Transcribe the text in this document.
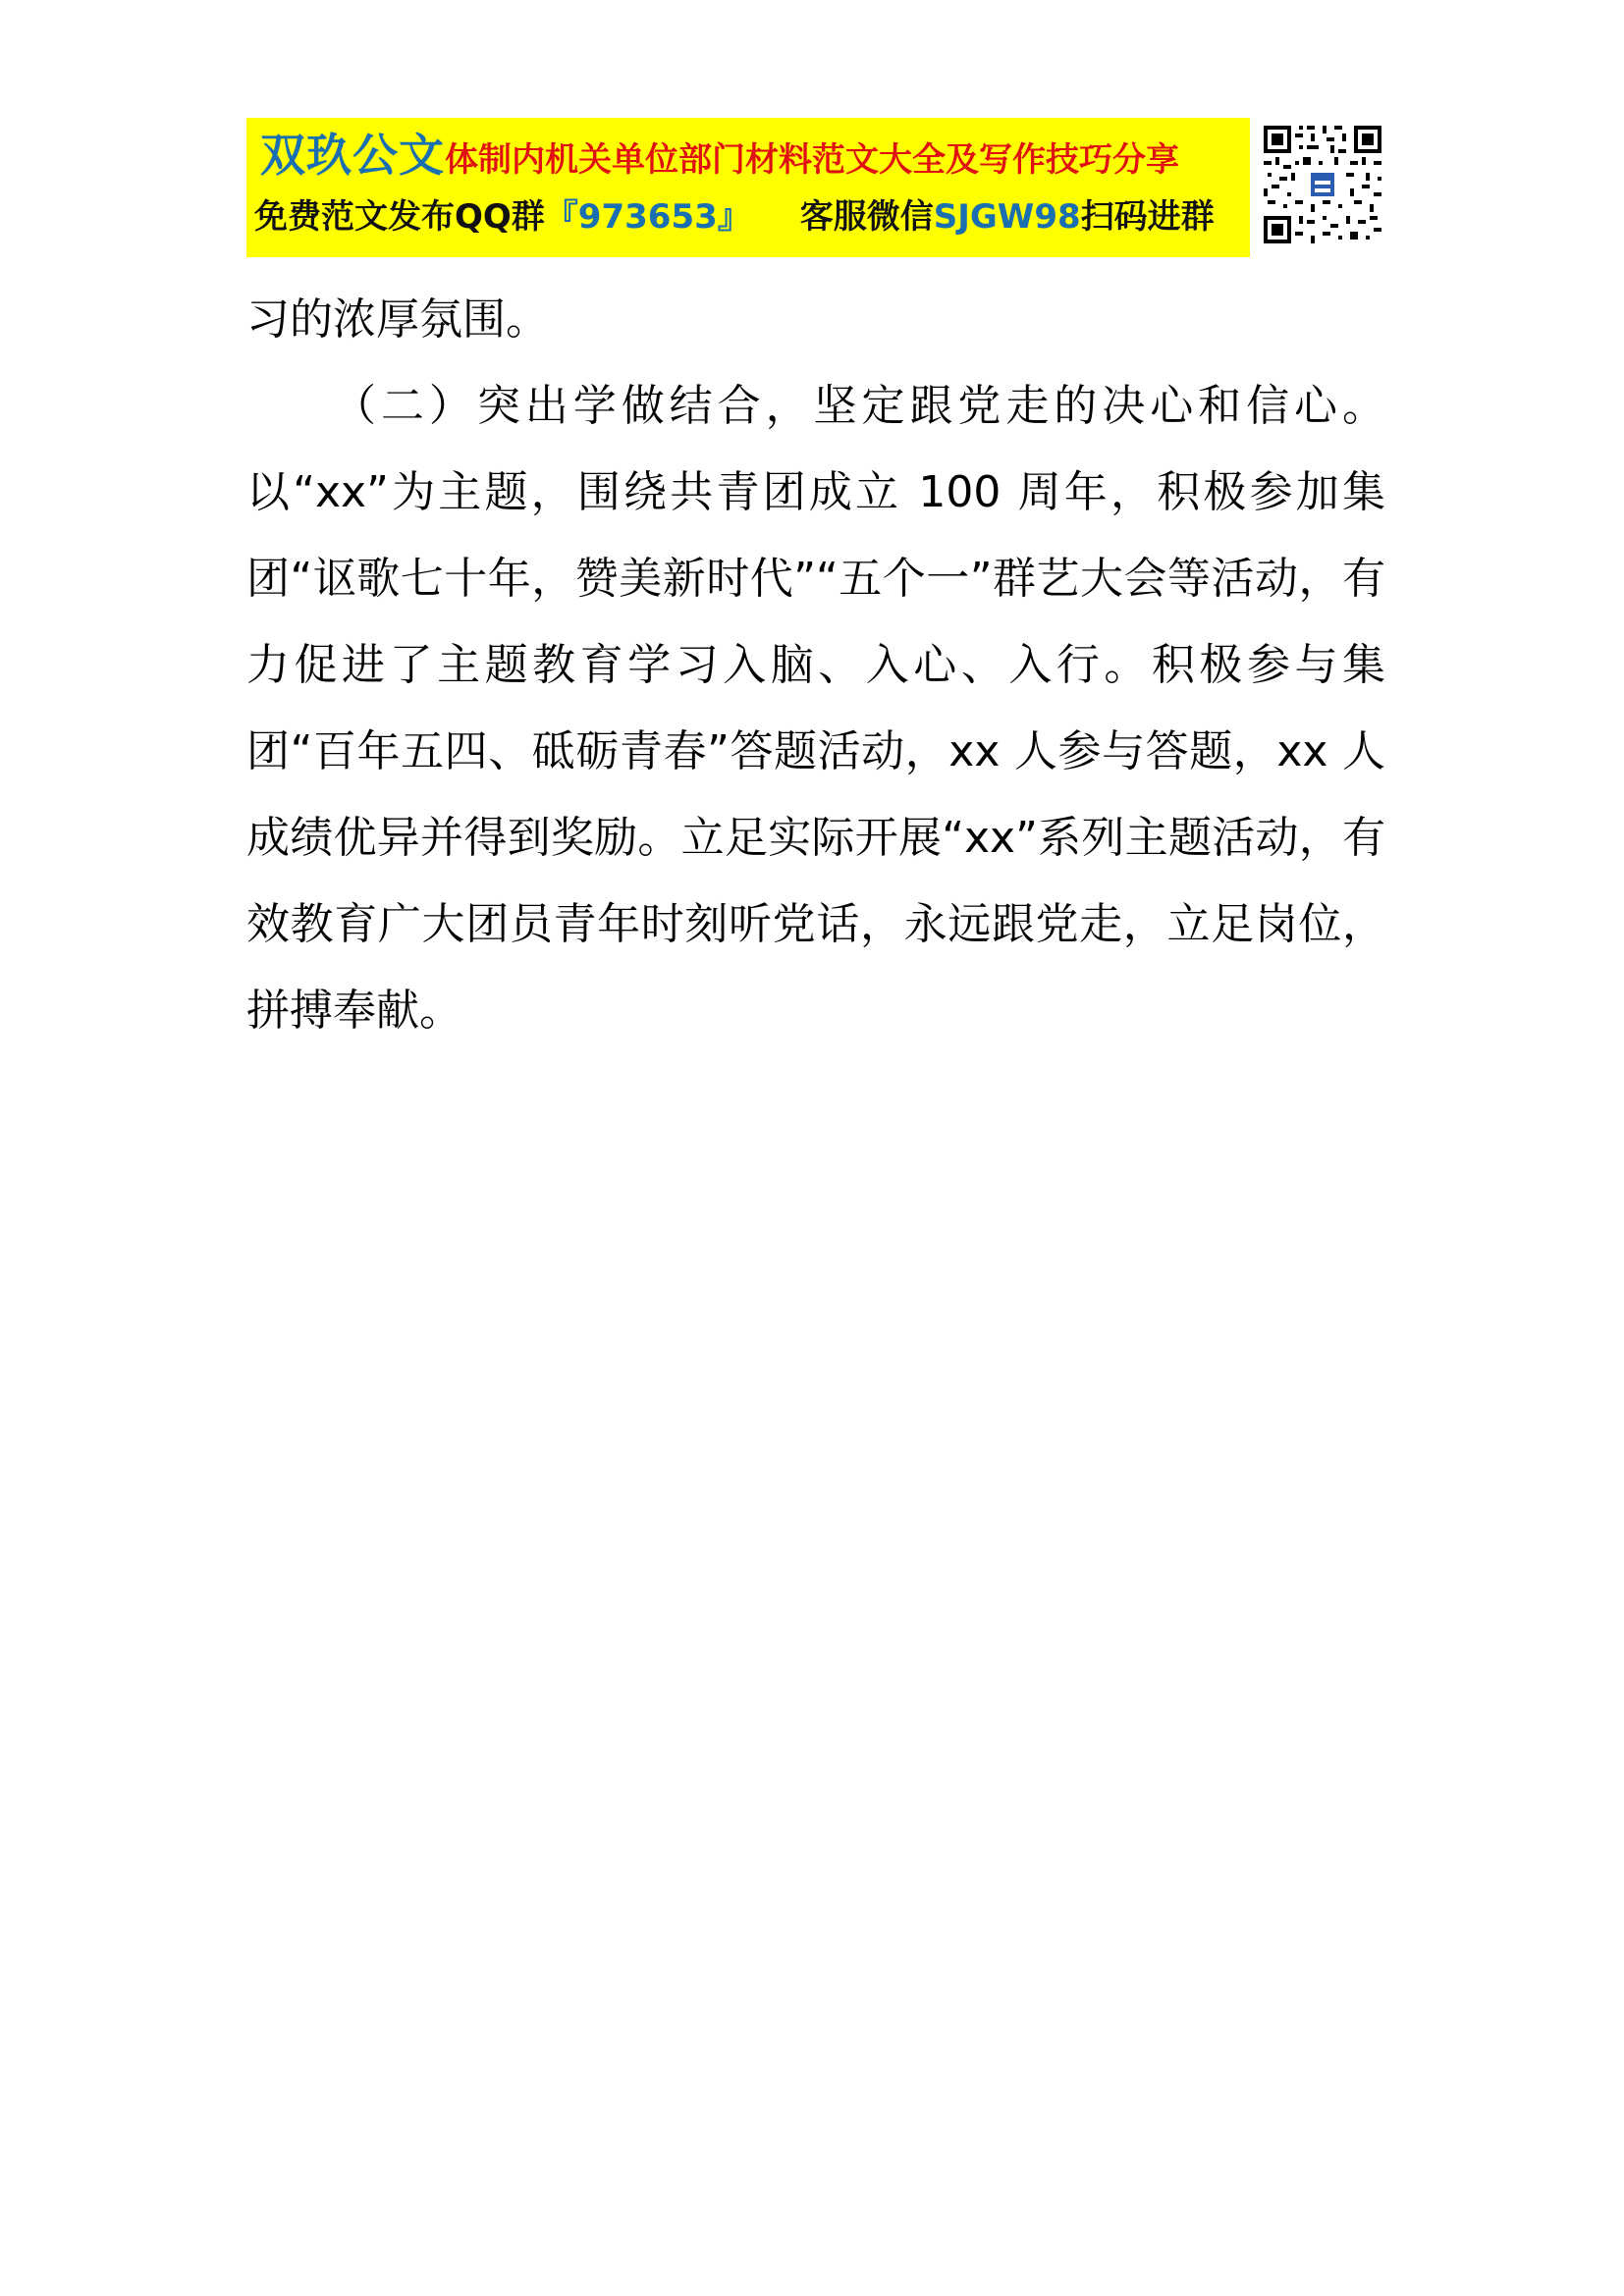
双玖公文体制内机关单位部门材料范文大全及写作技巧分享
免费范文发布QQ群『973653』 客服微信SJGW98扫码进群

习的浓厚氛围。

（二）突出学做结合，坚定跟党走的决心和信心。以“xx”为主题，围绕共青团成立 100 周年，积极参加集团“讴歌七十年，赞美新时代”“五个一”群艺大会等活动，有力促进了主题教育学习入脑、入心、入行。积极参与集团“百年五四、砥砺青春”答题活动，xx 人参与答题，xx 人成绩优异并得到奖励。立足实际开展“xx”系列主题活动，有效教育广大团员青年时刻听党话，永远跟党走，立足岗位，拼搏奉献。
